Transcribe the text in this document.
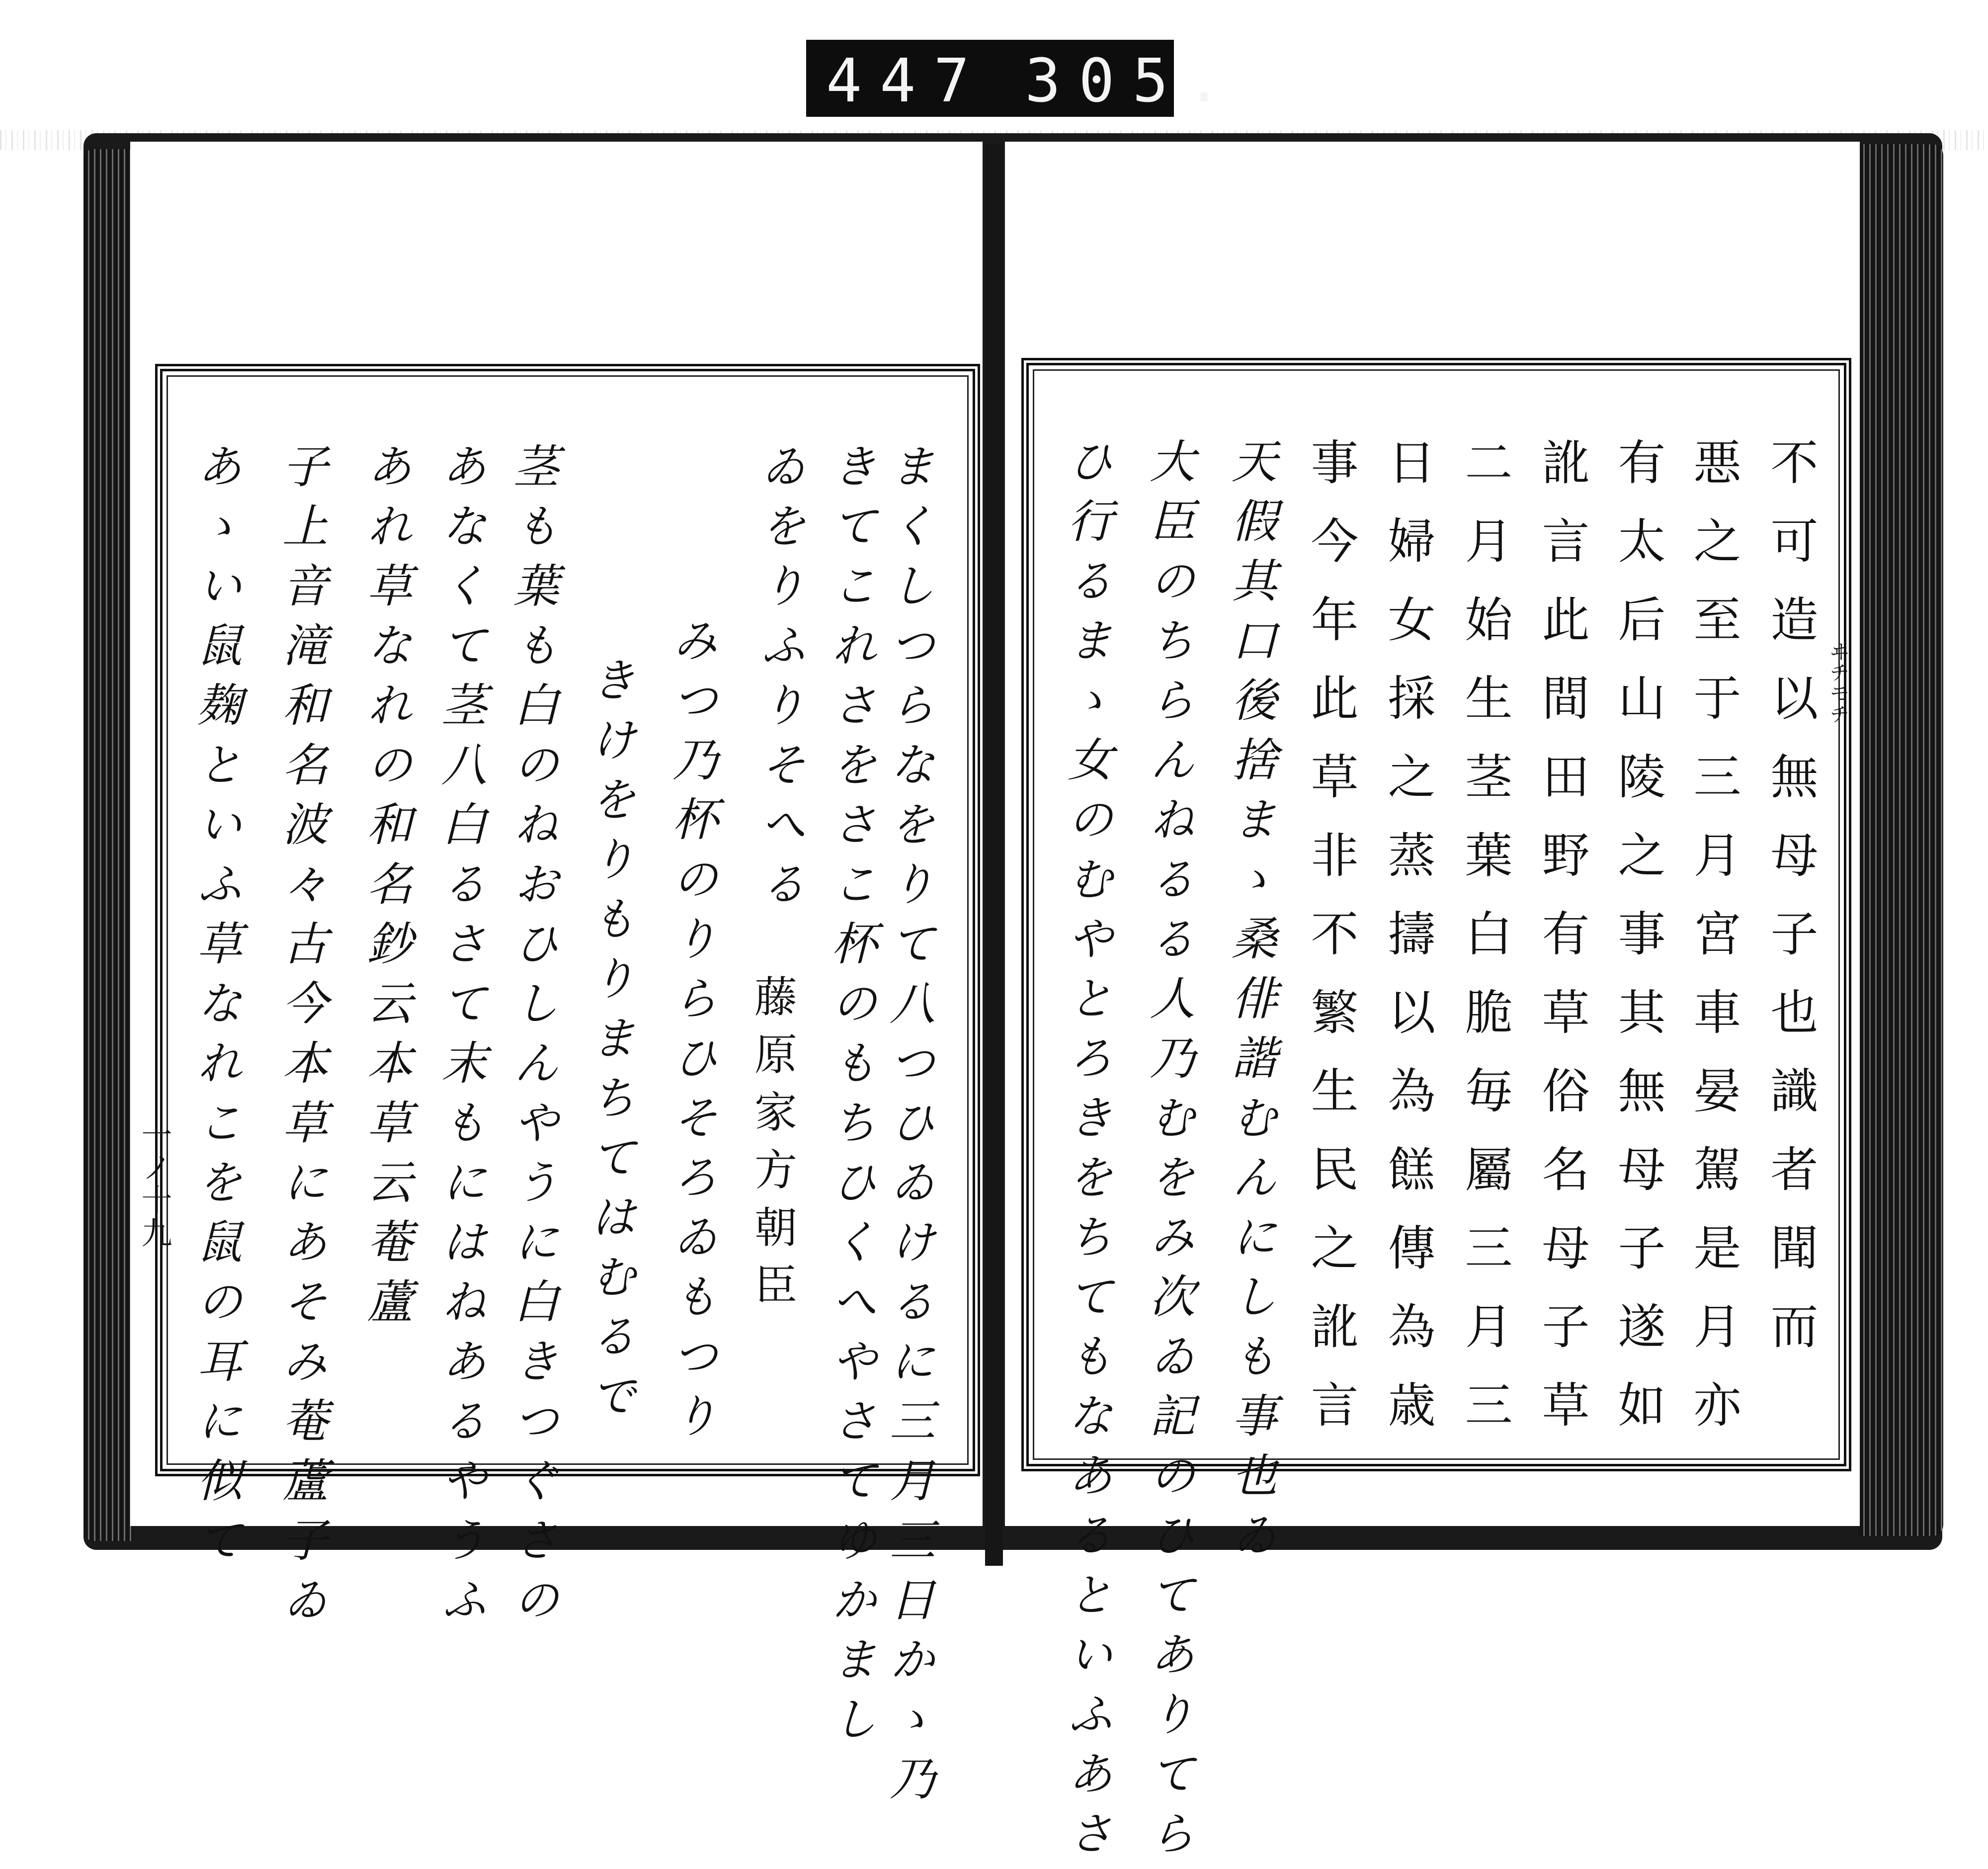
447 305.
まくしつらなをりて八つひゐけるに三月三日かゝ乃
きてこれさをさこ杯のもちひくへやさてゆかまし
ゐをりふりそへる
藤原家方朝臣
みつ乃杯のりらひそろゐもつり
きけをりもりまちてはむるで
茎も葉も白のねおひしんやうに白きつぐさの
あなくて茎八白るさて末もにはねあるやうふ
あれ草なれの和名鈔云本草云菴蘆
子上音滝和名波々古今本草にあそみ菴蘆子ゐ
あゝい鼠麹といふ草なれこを鼠の耳に似て
一ノ十九	不可造以無母子也識者聞而
悪之至于三月宮車晏駕是月亦
有太后山陵之事其無母子遂如
訛言此間田野有草俗名母子草
二月始生茎葉白脆毎屬三月三
日婦女採之蒸擣以為餻傳為歳
事今年此草非不繁生民之訛言
天假其口後捨まゝ桑俳諧むんにしも事也ゐ
大臣のちらんねるる人乃むをみ次ゐ記のひてありてら
ひ行るまゝ女のむやとろきをちてもなあるといふあさ	ヰチモチ
